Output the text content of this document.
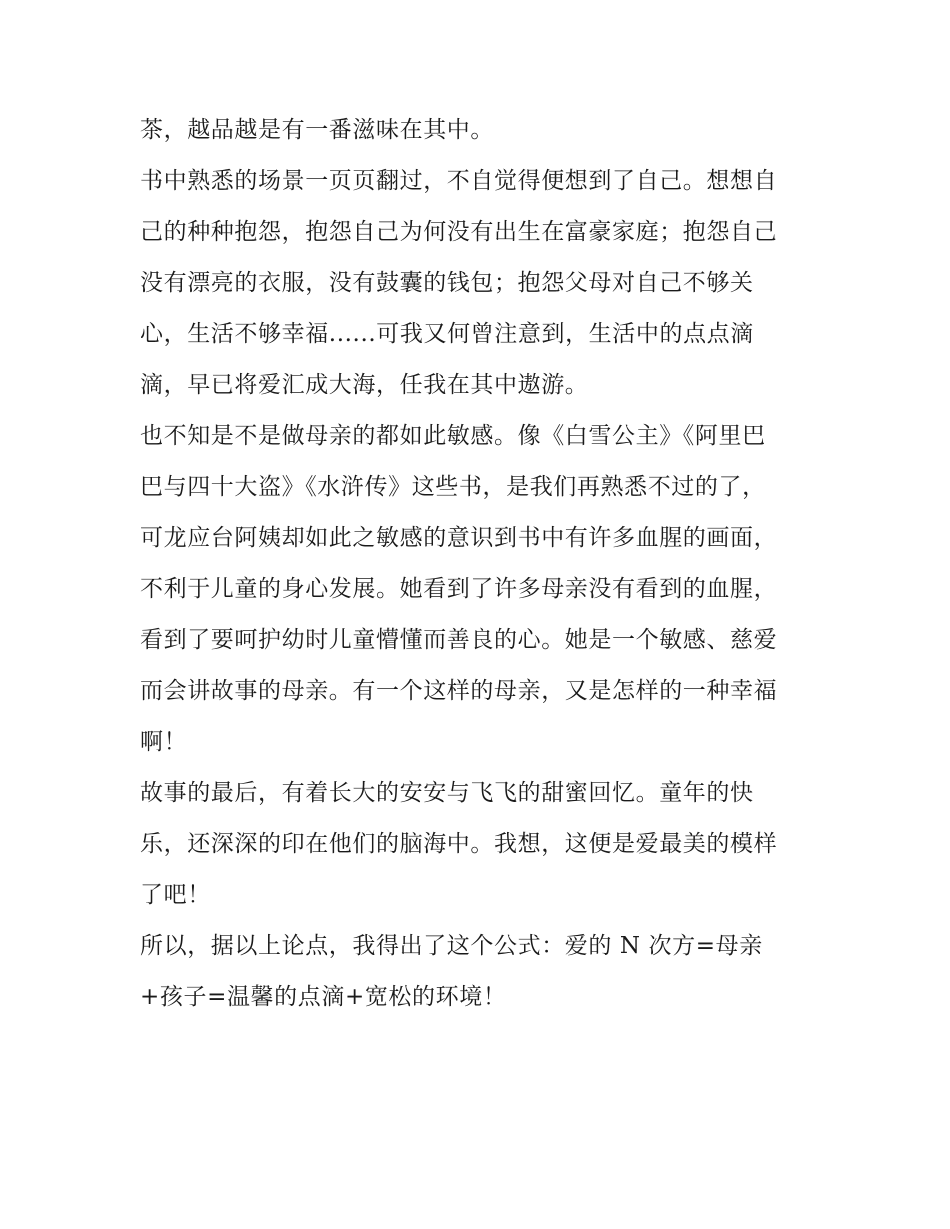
茶，越品越是有一番滋味在其中。
书中熟悉的场景一页页翻过，不自觉得便想到了自己。想想自
己的种种抱怨，抱怨自己为何没有出生在富豪家庭；抱怨自己
没有漂亮的衣服，没有鼓囊的钱包；抱怨父母对自己不够关
心，生活不够幸福......可我又何曾注意到，生活中的点点滴
滴，早已将爱汇成大海，任我在其中遨游。
也不知是不是做母亲的都如此敏感。像《白雪公主》《阿里巴
巴与四十大盗》《水浒传》这些书，是我们再熟悉不过的了，
可龙应台阿姨却如此之敏感的意识到书中有许多血腥的画面，
不利于儿童的身心发展。她看到了许多母亲没有看到的血腥，
看到了要呵护幼时儿童懵懂而善良的心。她是一个敏感、慈爱
而会讲故事的母亲。有一个这样的母亲，又是怎样的一种幸福
啊！
故事的最后，有着长大的安安与飞飞的甜蜜回忆。童年的快
乐，还深深的印在他们的脑海中。我想，这便是爱最美的模样
了吧！
所以，据以上论点，我得出了这个公式：爱的 N 次方=母亲
+孩子=温馨的点滴+宽松的环境！
